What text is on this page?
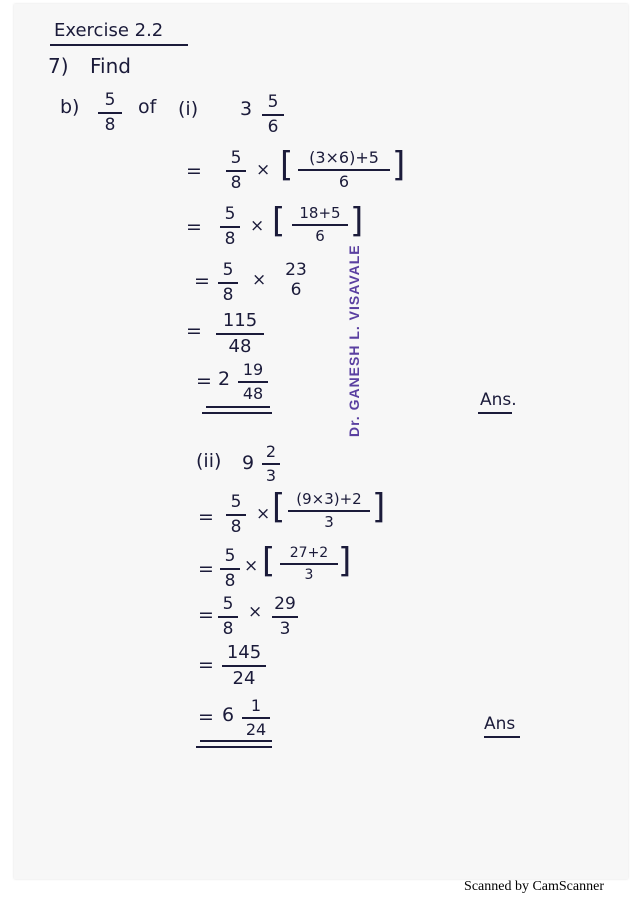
Exercise 2.2
7) Find
b)	5
8
of (i) 3 5
6
=
5
8
× [ (3×6)+5
6	]
=
5
8
× [ 18+5
6 ]
= 5
8
× 23
6
=	115
48
= 2 19
48	Ans.
Dr. GANESH L. VISAVALE
(ii) 9
2
3
=
5
8
× [ (9×3)+2
3	]
=
5
8
× [	27+2
3 ]
= 5
8
× 29
3
=
145
24
= 6	1
24	Ans
Scanned by CamScanner
